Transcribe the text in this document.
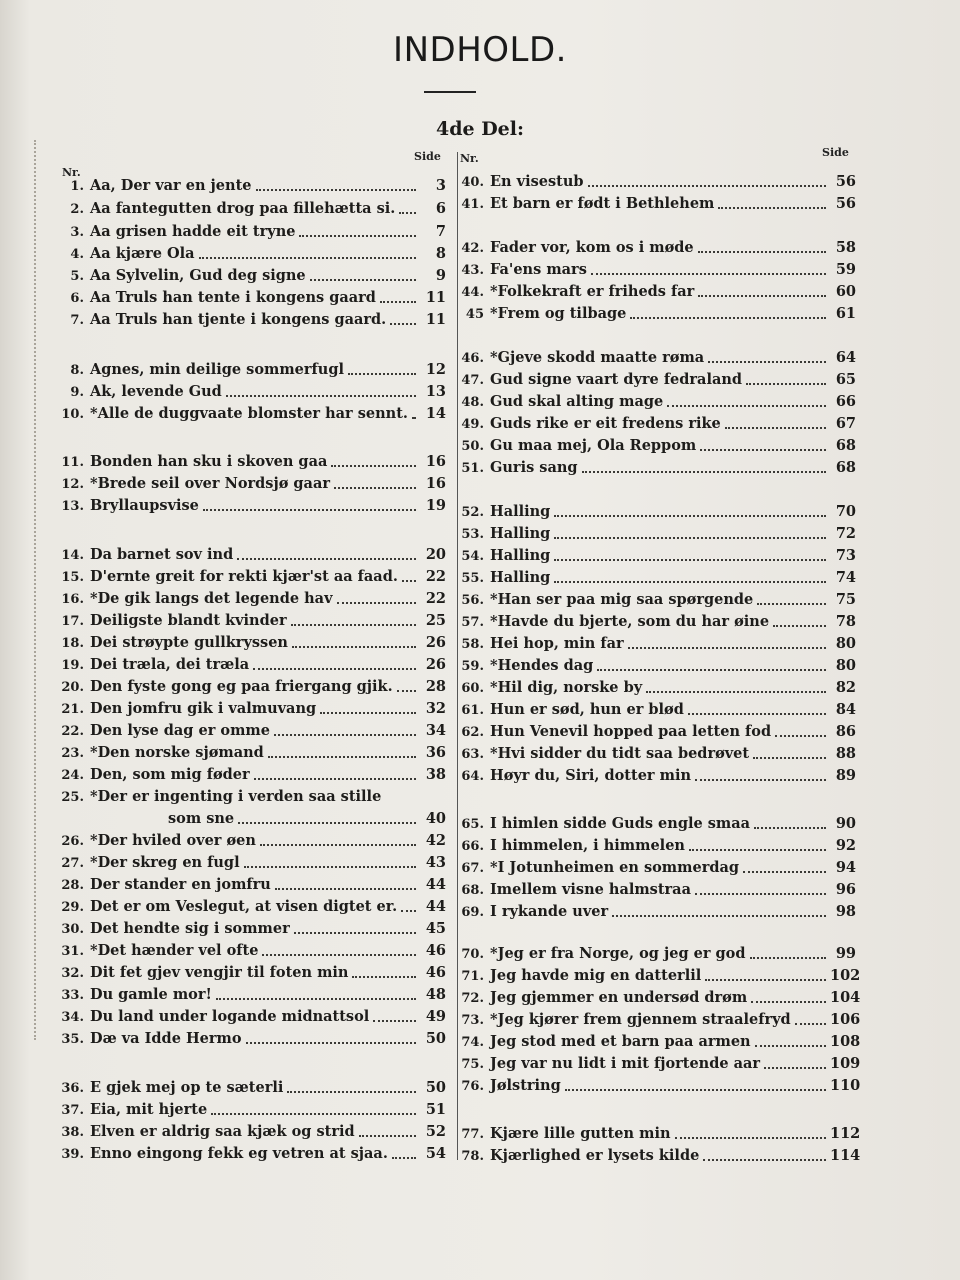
INDHOLD.
4de Del:
Side
Nr.
Nr.	Side
1. Aa, Der var en jente	3
2. Aa fantegutten drog paa fillehætta si.	6
3. Aa grisen hadde eit tryne	7
4. Aa kjære Ola	8
5. Aa Sylvelin, Gud deg signe	9
6. Aa Truls han tente i kongens gaard	11
7. Aa Truls han tjente i kongens gaard.	11
8. Agnes, min deilige sommerfugl	12
9. Ak, levende Gud	13
10. *Alle de duggvaate blomster har sennt.	14
11. Bonden han sku i skoven gaa	16
12. *Brede seil over Nordsjø gaar	16
13. Bryllaupsvise	19
14. Da barnet sov ind	20
15. D'ernte greit for rekti kjær'st aa faad.	22
16. *De gik langs det legende hav	22
17. Deiligste blandt kvinder	25
18. Dei strøypte gullkryssen	26
19. Dei træla, dei træla	26
20. Den fyste gong eg paa friergang gjik.	28
21. Den jomfru gik i valmuvang	32
22. Den lyse dag er omme	34
23. *Den norske sjømand	36
24. Den, som mig føder	38
25. *Der er ingenting i verden saa stille
som sne	40
26. *Der hviled over øen	42
27. *Der skreg en fugl	43
28. Der stander en jomfru	44
29. Det er om Veslegut, at visen digtet er.	44
30. Det hendte sig i sommer	45
31. *Det hænder vel ofte	46
32. Dit fet gjev vengjir til foten min	46
33. Du gamle mor!	48
34. Du land under logande midnattsol	49
35. Dæ va Idde Hermo	50
36. E gjek mej op te sæterli	50
37. Eia, mit hjerte	51
38. Elven er aldrig saa kjæk og strid	52
39. Enno eingong fekk eg vetren at sjaa.	54
40. En visestub	56
41. Et barn er født i Bethlehem	56
42. Fader vor, kom os i møde	58
43. Fa'ens mars	59
44. *Folkekraft er friheds far	60
45 *Frem og tilbage	61
46. *Gjeve skodd maatte røma	64
47. Gud signe vaart dyre fedraland	65
48. Gud skal alting mage	66
49. Guds rike er eit fredens rike	67
50. Gu maa mej, Ola Reppom	68
51. Guris sang	68
52. Halling	70
53. Halling	72
54. Halling	73
55. Halling	74
56. *Han ser paa mig saa spørgende	75
57. *Havde du bjerte, som du har øine	78
58. Hei hop, min far	80
59. *Hendes dag	80
60. *Hil dig, norske by	82
61. Hun er sød, hun er blød	84
62. Hun Venevil hopped paa letten fod	86
63. *Hvi sidder du tidt saa bedrøvet	88
64. Høyr du, Siri, dotter min	89
65. I himlen sidde Guds engle smaa	90
66. I himmelen, i himmelen	92
67. *I Jotunheimen en sommerdag	94
68. Imellem visne halmstraa	96
69. I rykande uver	98
70. *Jeg er fra Norge, og jeg er god	99
71. Jeg havde mig en datterlil	102
72. Jeg gjemmer en undersød drøm	104
73. *Jeg kjører frem gjennem straalefryd	106
74. Jeg stod med et barn paa armen	108
75. Jeg var nu lidt i mit fjortende aar	109
76. Jølstring	110
77. Kjære lille gutten min	112
78. Kjærlighed er lysets kilde	114
